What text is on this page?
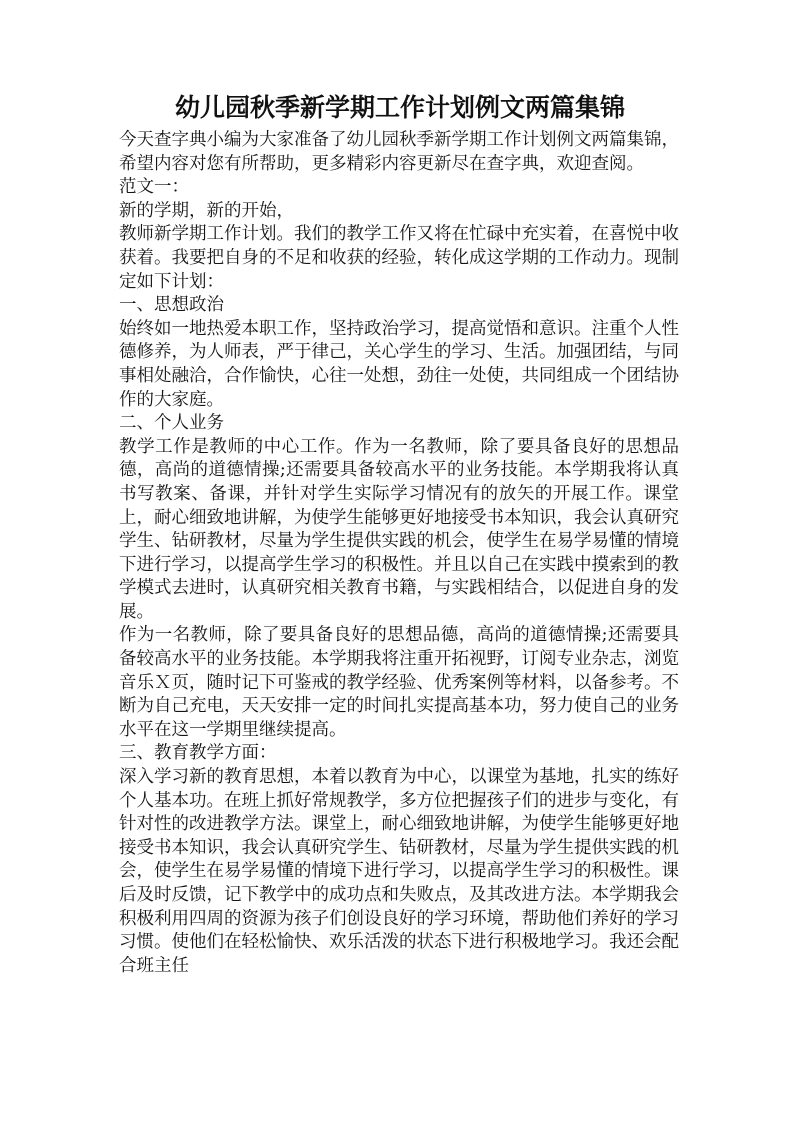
幼儿园秋季新学期工作计划例文两篇集锦

今天查字典小编为大家准备了幼儿园秋季新学期工作计划例文两篇集锦，希望内容对您有所帮助，更多精彩内容更新尽在查字典，欢迎查阅。

范文一：

新的学期，新的开始，

教师新学期工作计划。我们的教学工作又将在忙碌中充实着，在喜悦中收获着。我要把自身的不足和收获的经验，转化成这学期的工作动力。现制定如下计划：

一、思想政治

始终如一地热爱本职工作，坚持政治学习，提高觉悟和意识。注重个人性德修养，为人师表，严于律己，关心学生的学习、生活。加强团结，与同事相处融洽，合作愉快，心往一处想，劲往一处使，共同组成一个团结协作的大家庭。

二、个人业务

教学工作是教师的中心工作。作为一名教师，除了要具备良好的思想品德，高尚的道德情操;还需要具备较高水平的业务技能。本学期我将认真书写教案、备课，并针对学生实际学习情况有的放矢的开展工作。课堂上，耐心细致地讲解，为使学生能够更好地接受书本知识，我会认真研究学生、钻研教材，尽量为学生提供实践的机会，使学生在易学易懂的情境下进行学习，以提高学生学习的积极性。并且以自己在实践中摸索到的教学模式去进时，认真研究相关教育书籍，与实践相结合，以促进自身的发展。

作为一名教师，除了要具备良好的思想品德，高尚的道德情操;还需要具备较高水平的业务技能。本学期我将注重开拓视野，订阅专业杂志，浏览音乐Ｘ页，随时记下可鉴戒的教学经验、优秀案例等材料，以备参考。不断为自己充电，天天安排一定的时间扎实提高基本功，努力使自己的业务水平在这一学期里继续提高。

三、教育教学方面：

深入学习新的教育思想，本着以教育为中心，以课堂为基地，扎实的练好个人基本功。在班上抓好常规教学，多方位把握孩子们的进步与变化，有针对性的改进教学方法。课堂上，耐心细致地讲解，为使学生能够更好地接受书本知识，我会认真研究学生、钻研教材，尽量为学生提供实践的机会，使学生在易学易懂的情境下进行学习，以提高学生学习的积极性。课后及时反馈，记下教学中的成功点和失败点，及其改进方法。本学期我会积极利用四周的资源为孩子们创设良好的学习环境，帮助他们养好的学习习惯。使他们在轻松愉快、欢乐活泼的状态下进行积极地学习。我还会配合班主任
